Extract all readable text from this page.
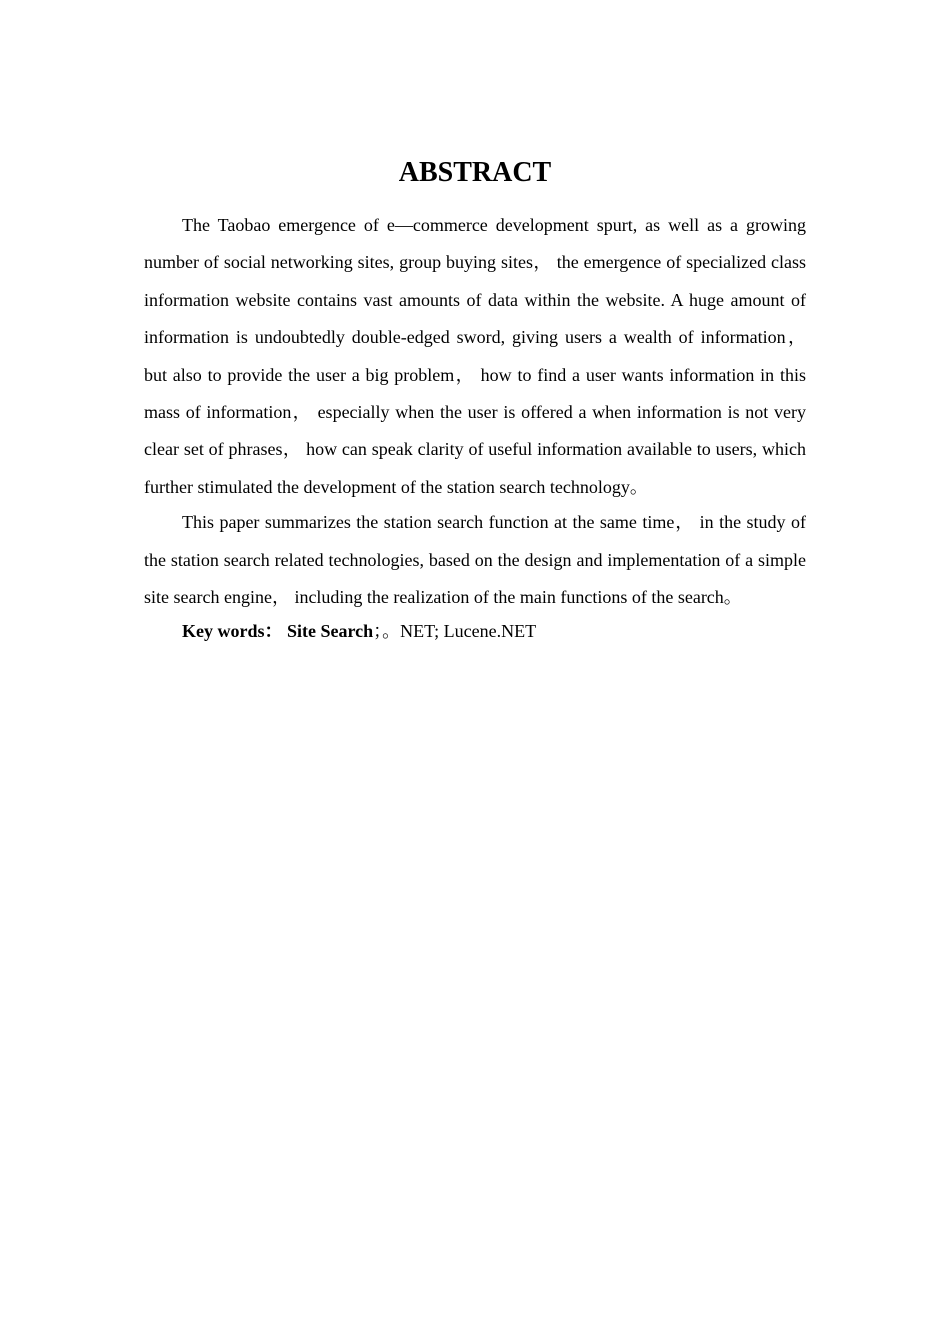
ABSTRACT

The Taobao emergence of e—commerce development spurt, as well as a growing number of social networking sites, group buying sites， the emergence of specialized class information website contains vast amounts of data within the website. A huge amount of information is undoubtedly double-edged sword, giving users a wealth of information， but also to provide the user a big problem， how to find a user wants information in this mass of information， especially when the user is offered a when information is not very clear set of phrases， how can speak clarity of useful information available to users, which further stimulated the development of the station search technology。

This paper summarizes the station search function at the same time， in the study of the station search related technologies, based on the design and implementation of a simple site search engine， including the realization of the main functions of the search。

Key words： Site Search；。NET; Lucene.NET
